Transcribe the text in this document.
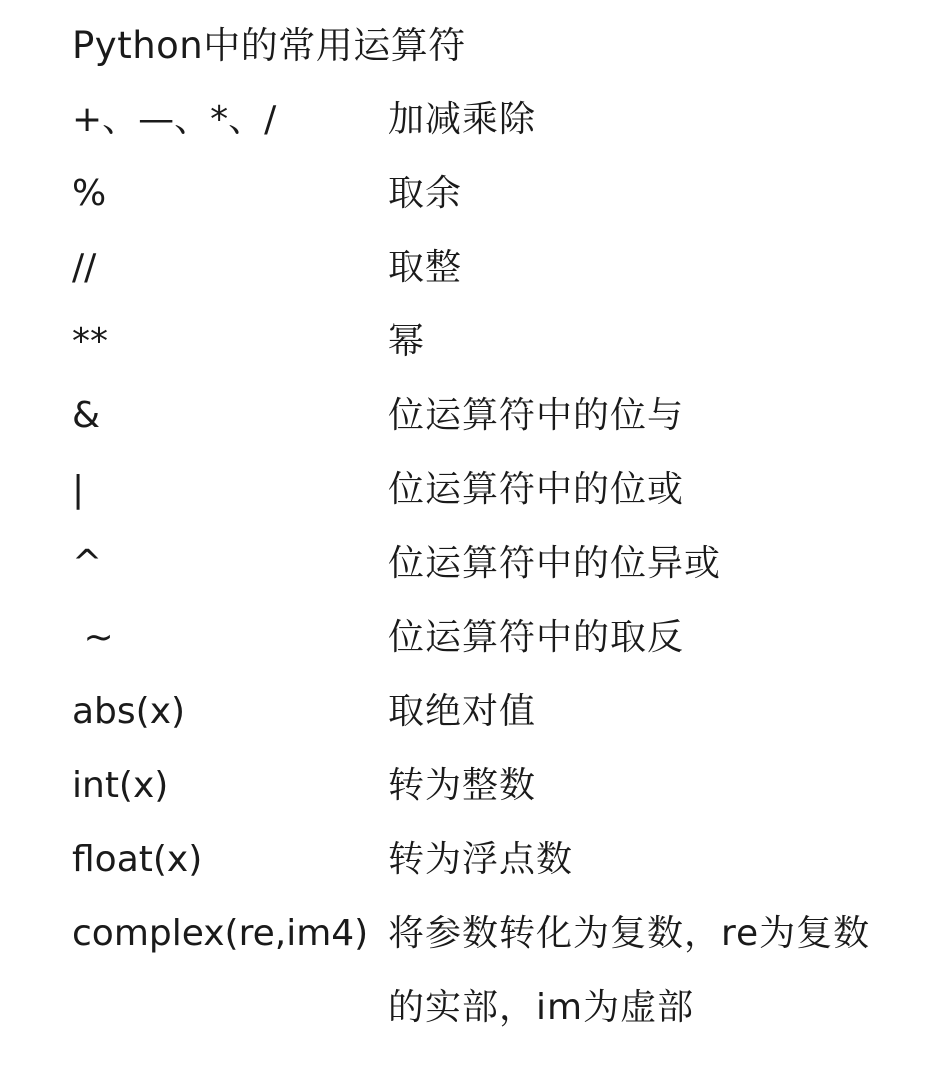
Python中的常用运算符
+、—、*、/	加减乘除
%	取余
//	取整
**	幂
&	位运算符中的位与
|	位运算符中的位或
^	位运算符中的位异或
~	位运算符中的取反
abs(x)	取绝对值
int(x)	转为整数
float(x)	转为浮点数
complex(re,im4) 将参数转化为复数，re为复数的实部，im为虚部
